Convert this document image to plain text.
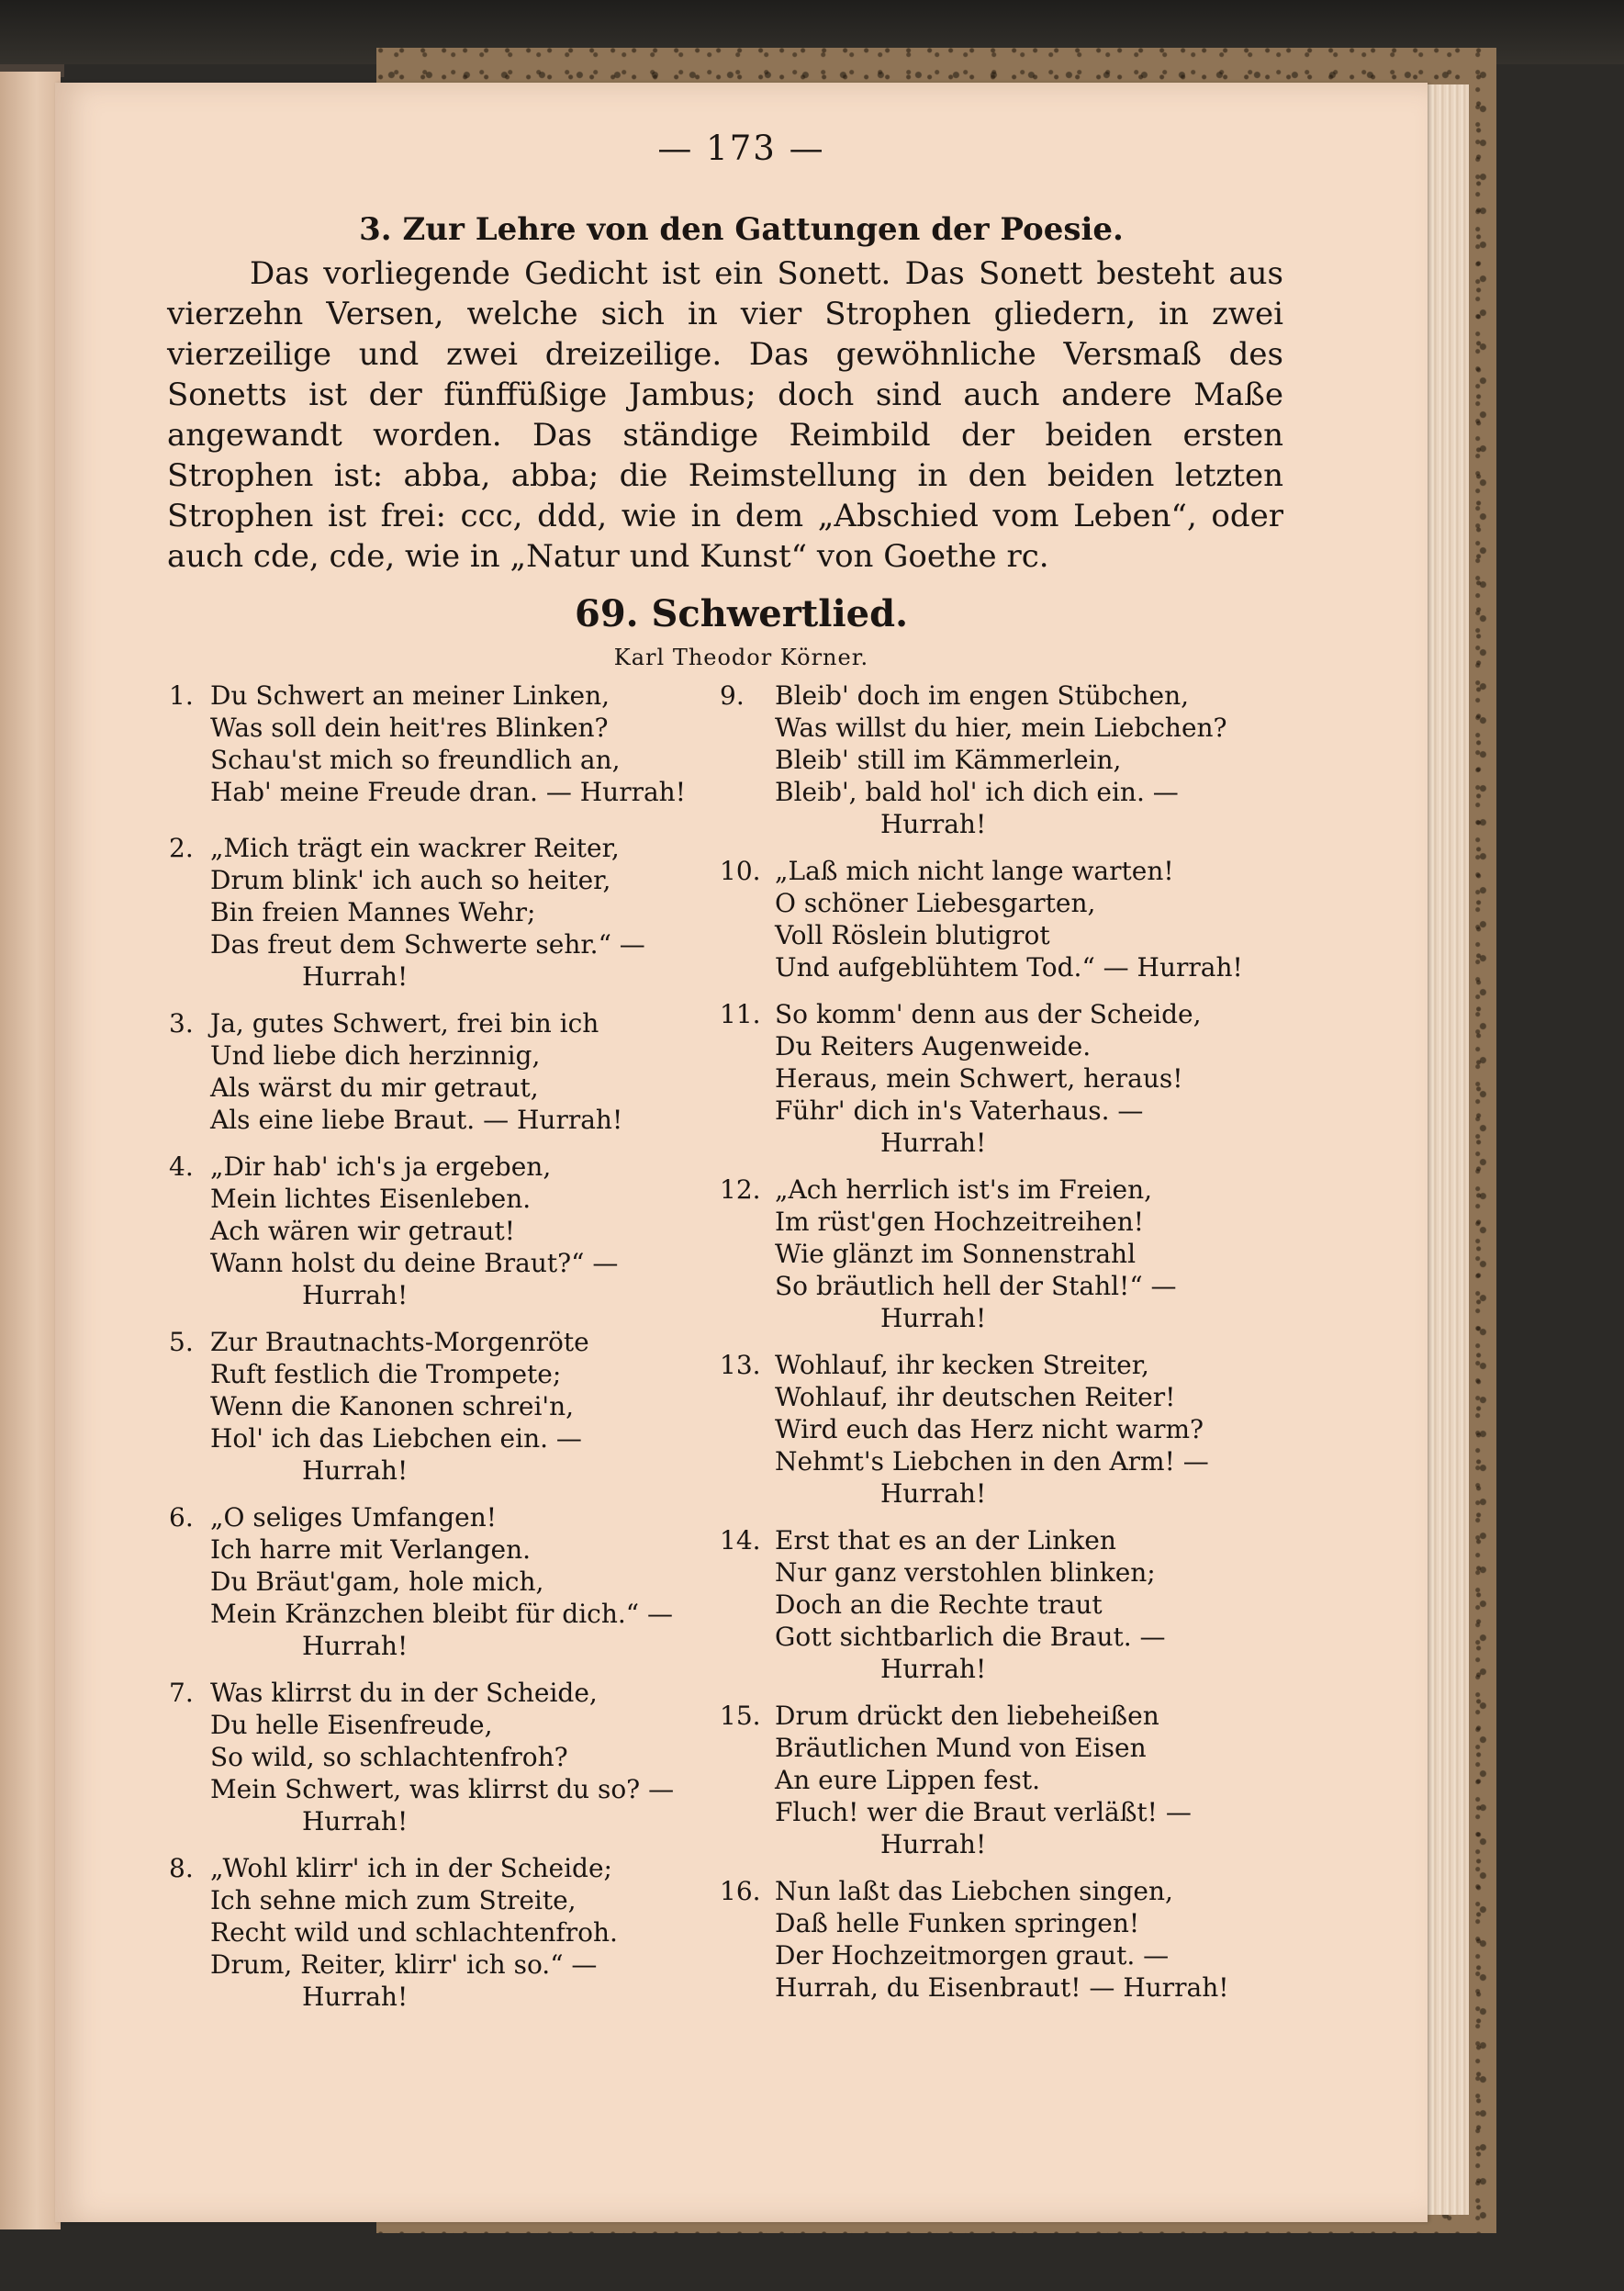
— 173 —
3. Zur Lehre von den Gattungen der Poesie.
Das vorliegende Gedicht ist ein Sonett. Das Sonett besteht aus vierzehn Versen, welche sich in vier Strophen gliedern, in zwei vierzeilige und zwei dreizeilige. Das gewöhnliche Versmaß des Sonetts ist der fünffüßige Jambus; doch sind auch andere Maße angewandt worden. Das ständige Reimbild der beiden ersten Strophen ist: abba, abba; die Reimstellung in den beiden letzten Strophen ist frei: ccc, ddd, wie in dem „Abschied vom Leben“, oder auch cde, cde, wie in „Natur und Kunst“ von Goethe rc.
69. Schwertlied.
Karl Theodor Körner.
1. Du Schwert an meiner Linken,
Was soll dein heit'res Blinken?
Schau'st mich so freundlich an,
Hab' meine Freude dran. — Hurrah!
2. „Mich trägt ein wackrer Reiter,
Drum blink' ich auch so heiter,
Bin freien Mannes Wehr;
Das freut dem Schwerte sehr.“ —
Hurrah!
3. Ja, gutes Schwert, frei bin ich
Und liebe dich herzinnig,
Als wärst du mir getraut,
Als eine liebe Braut. — Hurrah!
4. „Dir hab' ich's ja ergeben,
Mein lichtes Eisenleben.
Ach wären wir getraut!
Wann holst du deine Braut?“ —
Hurrah!
5. Zur Brautnachts-Morgenröte
Ruft festlich die Trompete;
Wenn die Kanonen schrei'n,
Hol' ich das Liebchen ein. —
Hurrah!
6. „O seliges Umfangen!
Ich harre mit Verlangen.
Du Bräut'gam, hole mich,
Mein Kränzchen bleibt für dich.“ —
Hurrah!
7. Was klirrst du in der Scheide,
Du helle Eisenfreude,
So wild, so schlachtenfroh?
Mein Schwert, was klirrst du so? —
Hurrah!
8. „Wohl klirr' ich in der Scheide;
Ich sehne mich zum Streite,
Recht wild und schlachtenfroh.
Drum, Reiter, klirr' ich so.“ —
Hurrah!
9. Bleib' doch im engen Stübchen,
Was willst du hier, mein Liebchen?
Bleib' still im Kämmerlein,
Bleib', bald hol' ich dich ein. —
Hurrah!
10. „Laß mich nicht lange warten!
O schöner Liebesgarten,
Voll Röslein blutigrot
Und aufgeblühtem Tod.“ — Hurrah!
11. So komm' denn aus der Scheide,
Du Reiters Augenweide.
Heraus, mein Schwert, heraus!
Führ' dich in's Vaterhaus. —
Hurrah!
12. „Ach herrlich ist's im Freien,
Im rüst'gen Hochzeitreihen!
Wie glänzt im Sonnenstrahl
So bräutlich hell der Stahl!“ —
Hurrah!
13. Wohlauf, ihr kecken Streiter,
Wohlauf, ihr deutschen Reiter!
Wird euch das Herz nicht warm?
Nehmt's Liebchen in den Arm! —
Hurrah!
14. Erst that es an der Linken
Nur ganz verstohlen blinken;
Doch an die Rechte traut
Gott sichtbarlich die Braut. —
Hurrah!
15. Drum drückt den liebeheißen
Bräutlichen Mund von Eisen
An eure Lippen fest.
Fluch! wer die Braut verläßt! —
Hurrah!
16. Nun laßt das Liebchen singen,
Daß helle Funken springen!
Der Hochzeitmorgen graut. —
Hurrah, du Eisenbraut! — Hurrah!
